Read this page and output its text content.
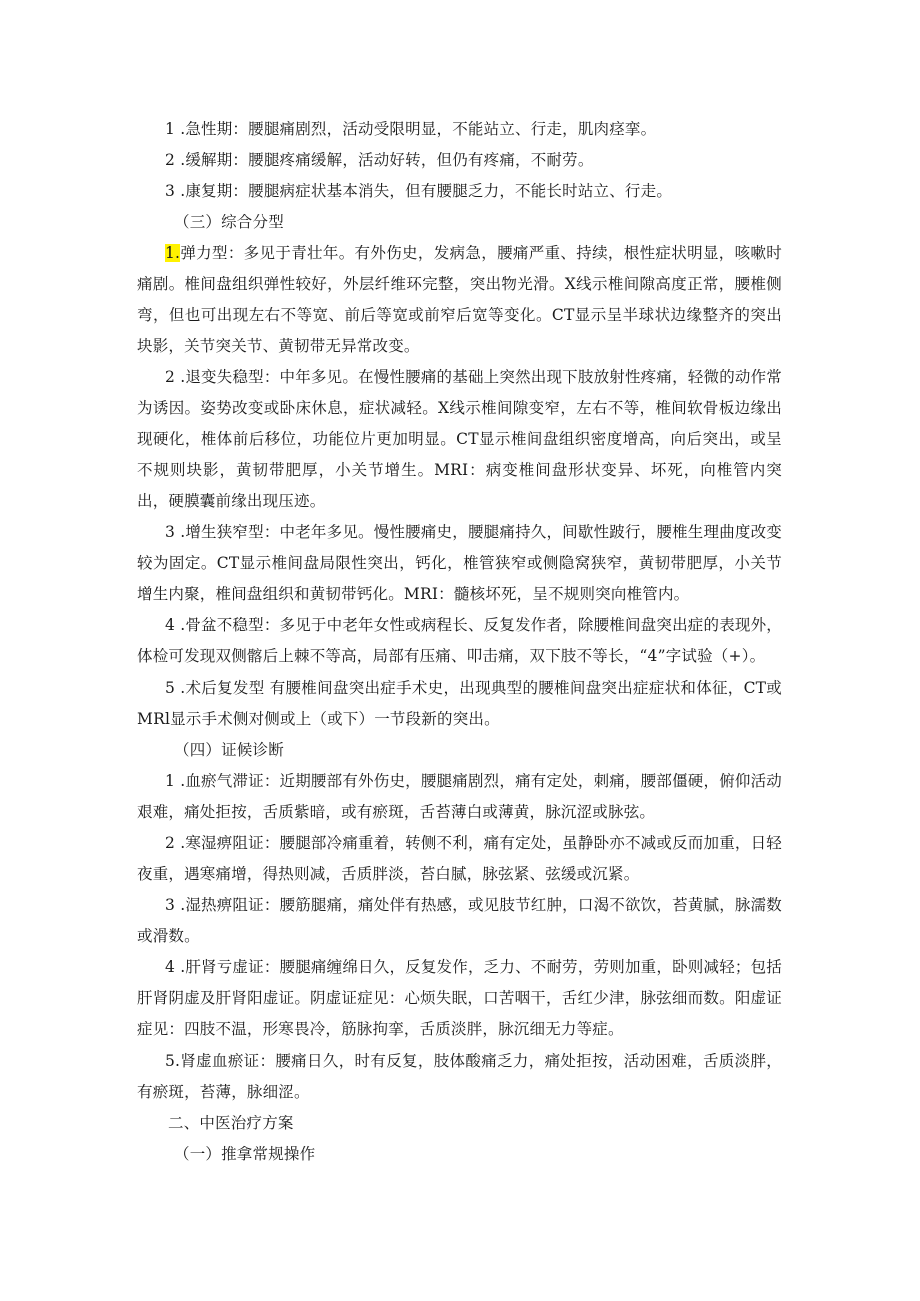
1 .急性期：腰腿痛剧烈，活动受限明显，不能站立、行走，肌肉痉挛。
2 .缓解期：腰腿疼痛缓解，活动好转，但仍有疼痛，不耐劳。
3 .康复期：腰腿病症状基本消失，但有腰腿乏力，不能长时站立、行走。
（三）综合分型
1.弹力型：多见于青壮年。有外伤史，发病急，腰痛严重、持续，根性症状明显，咳嗽时痛剧。椎间盘组织弹性较好，外层纤维环完整，突出物光滑。X线示椎间隙高度正常，腰椎侧弯，但也可出现左右不等宽、前后等宽或前窄后宽等变化。CT显示呈半球状边缘整齐的突出块影，关节突关节、黄韧带无异常改变。
2 .退变失稳型：中年多见。在慢性腰痛的基础上突然出现下肢放射性疼痛，轻微的动作常为诱因。姿势改变或卧床休息，症状减轻。X线示椎间隙变窄，左右不等，椎间软骨板边缘出现硬化，椎体前后移位，功能位片更加明显。CT显示椎间盘组织密度增高，向后突出，或呈不规则块影，黄韧带肥厚，小关节增生。MRI：病变椎间盘形状变异、坏死，向椎管内突出，硬膜囊前缘出现压迹。
3 .增生狭窄型：中老年多见。慢性腰痛史，腰腿痛持久，间歇性跛行，腰椎生理曲度改变较为固定。CT显示椎间盘局限性突出，钙化，椎管狭窄或侧隐窝狭窄，黄韧带肥厚，小关节增生内聚，椎间盘组织和黄韧带钙化。MRI：髓核坏死，呈不规则突向椎管内。
4 .骨盆不稳型：多见于中老年女性或病程长、反复发作者，除腰椎间盘突出症的表现外，体检可发现双侧髂后上棘不等高，局部有压痛、叩击痛，双下肢不等长，“4”字试验（+）。
5 .术后复发型 有腰椎间盘突出症手术史，出现典型的腰椎间盘突出症症状和体征，CT或MRl显示手术侧对侧或上（或下）一节段新的突出。
（四）证候诊断
1 .血瘀气滞证：近期腰部有外伤史，腰腿痛剧烈，痛有定处，刺痛，腰部僵硬，俯仰活动艰难，痛处拒按，舌质紫暗，或有瘀斑，舌苔薄白或薄黄，脉沉涩或脉弦。
2 .寒湿痹阻证：腰腿部冷痛重着，转侧不利，痛有定处，虽静卧亦不减或反而加重，日轻夜重，遇寒痛增，得热则减，舌质胖淡，苔白腻，脉弦紧、弦缓或沉紧。
3 .湿热痹阻证：腰筋腿痛，痛处伴有热感，或见肢节红肿，口渴不欲饮，苔黄腻，脉濡数或滑数。
4 .肝肾亏虚证：腰腿痛缠绵日久，反复发作，乏力、不耐劳，劳则加重，卧则减轻；包括肝肾阴虚及肝肾阳虚证。阴虚证症见：心烦失眠，口苦咽干，舌红少津，脉弦细而数。阳虚证症见：四肢不温，形寒畏冷，筋脉拘挛，舌质淡胖，脉沉细无力等症。
5.肾虚血瘀证：腰痛日久，时有反复，肢体酸痛乏力，痛处拒按，活动困难，舌质淡胖，有瘀斑，苔薄，脉细涩。
二、中医治疗方案
（一）推拿常规操作
